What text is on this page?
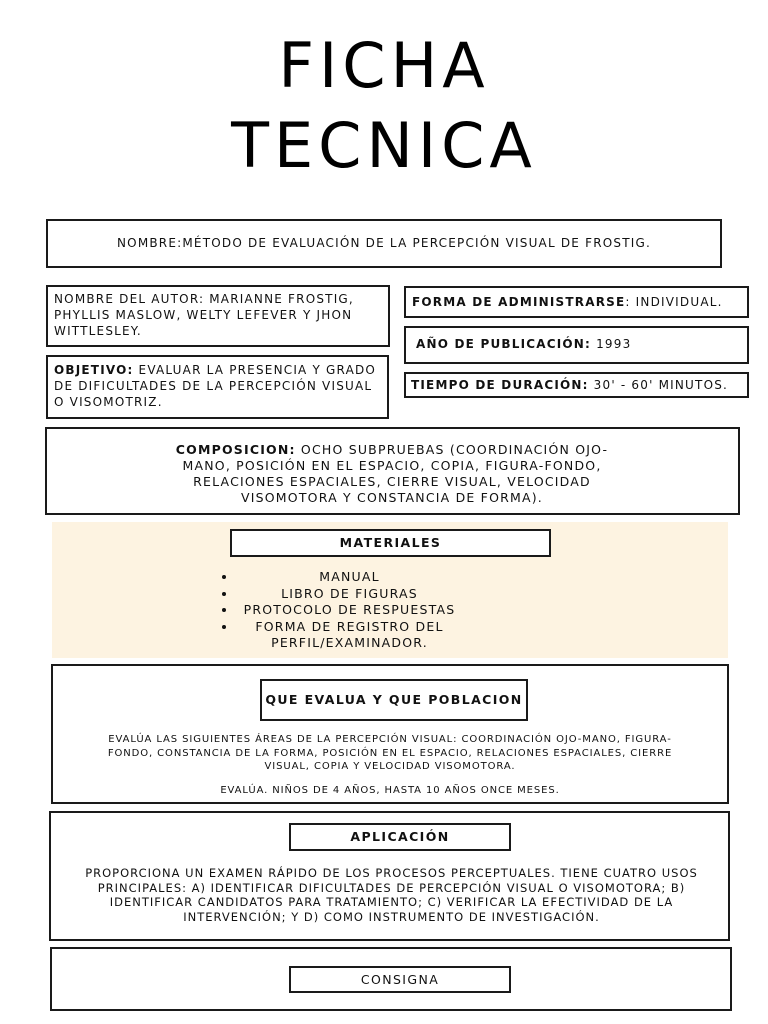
FICHA
TECNICA
NOMBRE:MÉTODO DE EVALUACIÓN DE LA PERCEPCIÓN VISUAL DE FROSTIG.
NOMBRE DEL AUTOR: MARIANNE FROSTIG, PHYLLIS MASLOW, WELTY LEFEVER Y JHON WITTLESLEY.
OBJETIVO: EVALUAR LA PRESENCIA Y GRADO DE DIFICULTADES DE LA PERCEPCIÓN VISUAL O VISOMOTRIZ.
FORMA DE ADMINISTRARSE: INDIVIDUAL.
AÑO DE PUBLICACIÓN: 1993
TIEMPO DE DURACIÓN: 30' - 60' MINUTOS.
COMPOSICION: OCHO SUBPRUEBAS (COORDINACIÓN OJO-MANO, POSICIÓN EN EL ESPACIO, COPIA, FIGURA-FONDO, RELACIONES ESPACIALES, CIERRE VISUAL, VELOCIDAD VISOMOTORA Y CONSTANCIA DE FORMA).
MATERIALES
• MANUAL
• LIBRO DE FIGURAS
• PROTOCOLO DE RESPUESTAS
• FORMA DE REGISTRO DEL PERFIL/EXAMINADOR.
QUE EVALUA Y QUE POBLACION
EVALÚA LAS SIGUIENTES ÁREAS DE LA PERCEPCIÓN VISUAL: COORDINACIÓN OJO-MANO, FIGURA-FONDO, CONSTANCIA DE LA FORMA, POSICIÓN EN EL ESPACIO, RELACIONES ESPACIALES, CIERRE VISUAL, COPIA Y VELOCIDAD VISOMOTORA.
EVALÚA. NIÑOS DE 4 AÑOS, HASTA 10 AÑOS ONCE MESES.
APLICACIÓN
PROPORCIONA UN EXAMEN RÁPIDO DE LOS PROCESOS PERCEPTUALES. TIENE CUATRO USOS PRINCIPALES: A) IDENTIFICAR DIFICULTADES DE PERCEPCIÓN VISUAL O VISOMOTORA; B) IDENTIFICAR CANDIDATOS PARA TRATAMIENTO; C) VERIFICAR LA EFECTIVIDAD DE LA INTERVENCIÓN; Y D) COMO INSTRUMENTO DE INVESTIGACIÓN.
CONSIGNA
